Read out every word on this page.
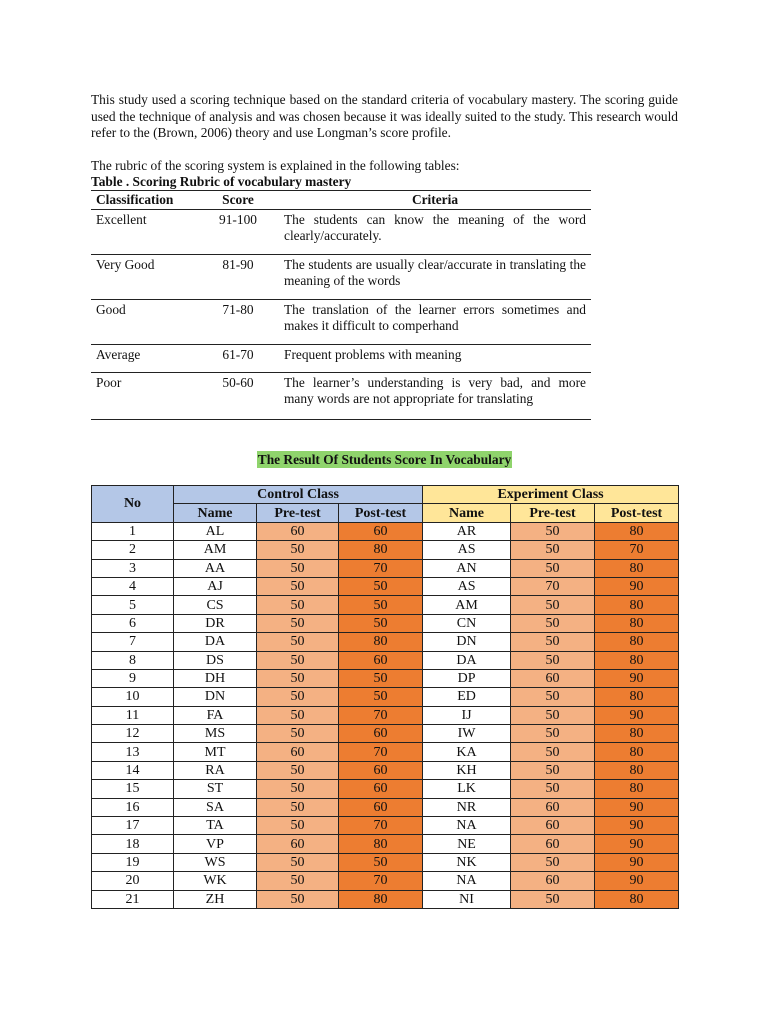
This study used a scoring technique based on the standard criteria of vocabulary mastery. The scoring guide used the technique of analysis and was chosen because it was ideally suited to the study. This research would refer to the (Brown, 2006) theory and use Longman’s score profile.

The rubric of the scoring system is explained in the following tables:

Table . Scoring Rubric of vocabulary mastery

Classification	Score	Criteria
Excellent	91-100	The students can know the meaning of the word clearly/accurately.
Very Good	81-90	The students are usually clear/accurate in translating the meaning of the words
Good	71-80	The translation of the learner errors sometimes and makes it difficult to comperhand
Average	61-70	Frequent problems with meaning
Poor	50-60	The learner’s understanding is very bad, and more many words are not appropriate for translating
The Result Of Students Score In Vocabulary
No	Control Class			Experiment Class		
	Name	Pre-test	Post-test	Name	Pre-test	Post-test
1	AL	60	60	AR	50	80
2	AM	50	80	AS	50	70
3	AA	50	70	AN	50	80
4	AJ	50	50	AS	70	90
5	CS	50	50	AM	50	80
6	DR	50	50	CN	50	80
7	DA	50	80	DN	50	80
8	DS	50	60	DA	50	80
9	DH	50	50	DP	60	90
10	DN	50	50	ED	50	80
11	FA	50	70	IJ	50	90
12	MS	50	60	IW	50	80
13	MT	60	70	KA	50	80
14	RA	50	60	KH	50	80
15	ST	50	60	LK	50	80
16	SA	50	60	NR	60	90
17	TA	50	70	NA	60	90
18	VP	60	80	NE	60	90
19	WS	50	50	NK	50	90
20	WK	50	70	NA	60	90
21	ZH	50	80	NI	50	80
